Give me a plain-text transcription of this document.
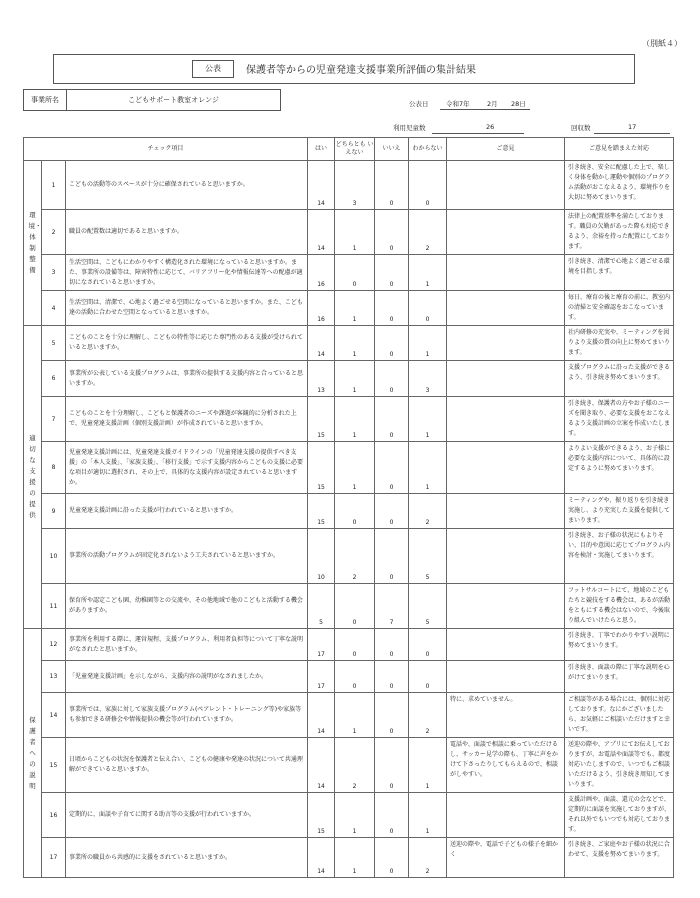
（別紙４）
公表	保護者等からの児童発達支援事業所評価の集計結果
事業所名	こどもサポート教室オレンジ	公表日	令和7年	2月 28日
利用児童数	26	回収数	17
チェック項目			はい	どちらとも いえない	いいえ	わからない	ご意見	ご意見を踏まえた対応
環境・体制整備	1	こどもの活動等のスペースが十分に確保されていると思いますか。	14	3	0	0		引き続き、安全に配慮した上で、楽しく身体を動かし運動や個別のプログラム活動がおこなえるよう、環境作りを大切に努めてまいります。
	2	職員の配置数は適切であると思いますか。	14	1	0	2		法律上の配置基準を満たしております。職員の欠勤があった際も対応できるよう、余裕を持った配置にしております。
	3	生活空間は、こどもにわかりやすく構造化された環境になっていると思いますか。また、事業所の設備等は、障害特性に応じて、バリアフリー化や情報伝達等への配慮が適切になされていると思いますか。	16	0	0	1		引き続き、清潔で心地よく過ごせる環境を目指します。
	4	生活空間は、清潔で、心地よく過ごせる空間になっていると思いますか。また、こども達の活動に合わせた空間となっていると思いますか。	16	1	0	0		毎日、療育の後と療育の前に、教室内の清掃と安全確認をおこなっています。
適切な支援の提供	5	こどものことを十分に理解し、こどもの特性等に応じた専門性のある支援が受けられていると思いますか。	14	1	0	1		社内研修の充実や、ミーティングを図りより支援の質の向上に努めてまいります。
	6	事業所が公表している支援プログラムは、事業所の提供する支援内容と合っていると思いますか。	13	1	0	3		支援プログラムに沿った支援ができるよう、引き続き努めてまいります。
	7	こどものことを十分理解し、こどもと保護者のニーズや課題が客観的に分析された上で、児童発達支援計画（個別支援計画）が作成されていると思いますか。	15	1	0	1		引き続き、保護者の方やお子様のニーズを聞き取り、必要な支援をおこなえるよう支援計画の立案を作成いたします。
	8	児童発達支援計画には、児童発達支援ガイドラインの「児童発達支援の提供すべき支援」の「本人支援」、「家族支援」、「移行支援」で示す支援内容からこどもの支援に必要な項目が適切に選択され、その上で、具体的な支援内容が設定されていると思いますか。	15	1	0	1		よりよい支援ができるよう、お子様に必要な支援内容について、具体的に設定するように努めてまいります。
	9	児童発達支援計画に沿った支援が行われていると思いますか。	15	0	0	2		ミーティングや、振り返りを引き続き実施し、より充実した支援を提供してまいります。
	10	事業所の活動プログラムが固定化されないよう工夫されていると思いますか。	10	2	0	5		引き続き、お子様の状況にもよりそい、目的や意図に応じてプログラム内容を検討・実施してまいります。
	11	保育所や認定こども園、幼稚園等との交流や、その他地域で他のこどもと活動する機会がありますか。	5	0	7	5		フットサルコートにて、地域のこどもたちと競技をする機会は、あるが活動をともにする機会はないので、今後取り組んでいけたらと思う。
保護者への説明	12	事業所を利用する際に、運営規程、支援プログラム、利用者負担等について丁寧な説明がなされたと思いますか。	17	0	0	0		引き続き、丁寧でわかりやすい説明に努めてまいります。
	13	「児童発達支援計画」を示しながら、支援内容の説明がなされましたか。	17	0	0	0		引き続き、面談の際に丁寧な説明を心がけてまいります。
	14	事業所では、家族に対して家族支援プログラム(ペアレント・トレーニング等)や家族等も参加できる研修会や情報提供の機会等が行われていますか。	14	1	0	2	特に、求めていません。	ご相談等がある場合には、個別に対応しております。なにかございましたら、お気軽にご相談いただけますと幸いです。
	15	日頃からこどもの状況を保護者と伝え合い、こどもの健康や発達の状況について共通理解ができていると思いますか。	14	2	0	1	電話や、面談で相談に乗っていただけるし、サッカー見学の際も、丁寧に声をかけて下さったりしてもらえるので、相談がしやすい。	送迎の際や、アプリにてお伝えしておりますが、お電話や面談等でも、都度対応いたしますので、いつでもご相談いただけるよう、引き続き周知してまいります。
	16	定期的に、面談や子育てに関する助言等の支援が行われていますか。	15	1	0	1		支援計画や、面談、還元の会などで、定期的に面談を実施しておりますが、それ以外でもいつでも対応しております。
	17	事業所の職員から共感的に支援をされていると思いますか。	14	1	0	2	送迎の際や、電話で子どもの様子を細かく	引き続き、ご家庭やお子様の状況に合わせて、支援を努めてまいります。
